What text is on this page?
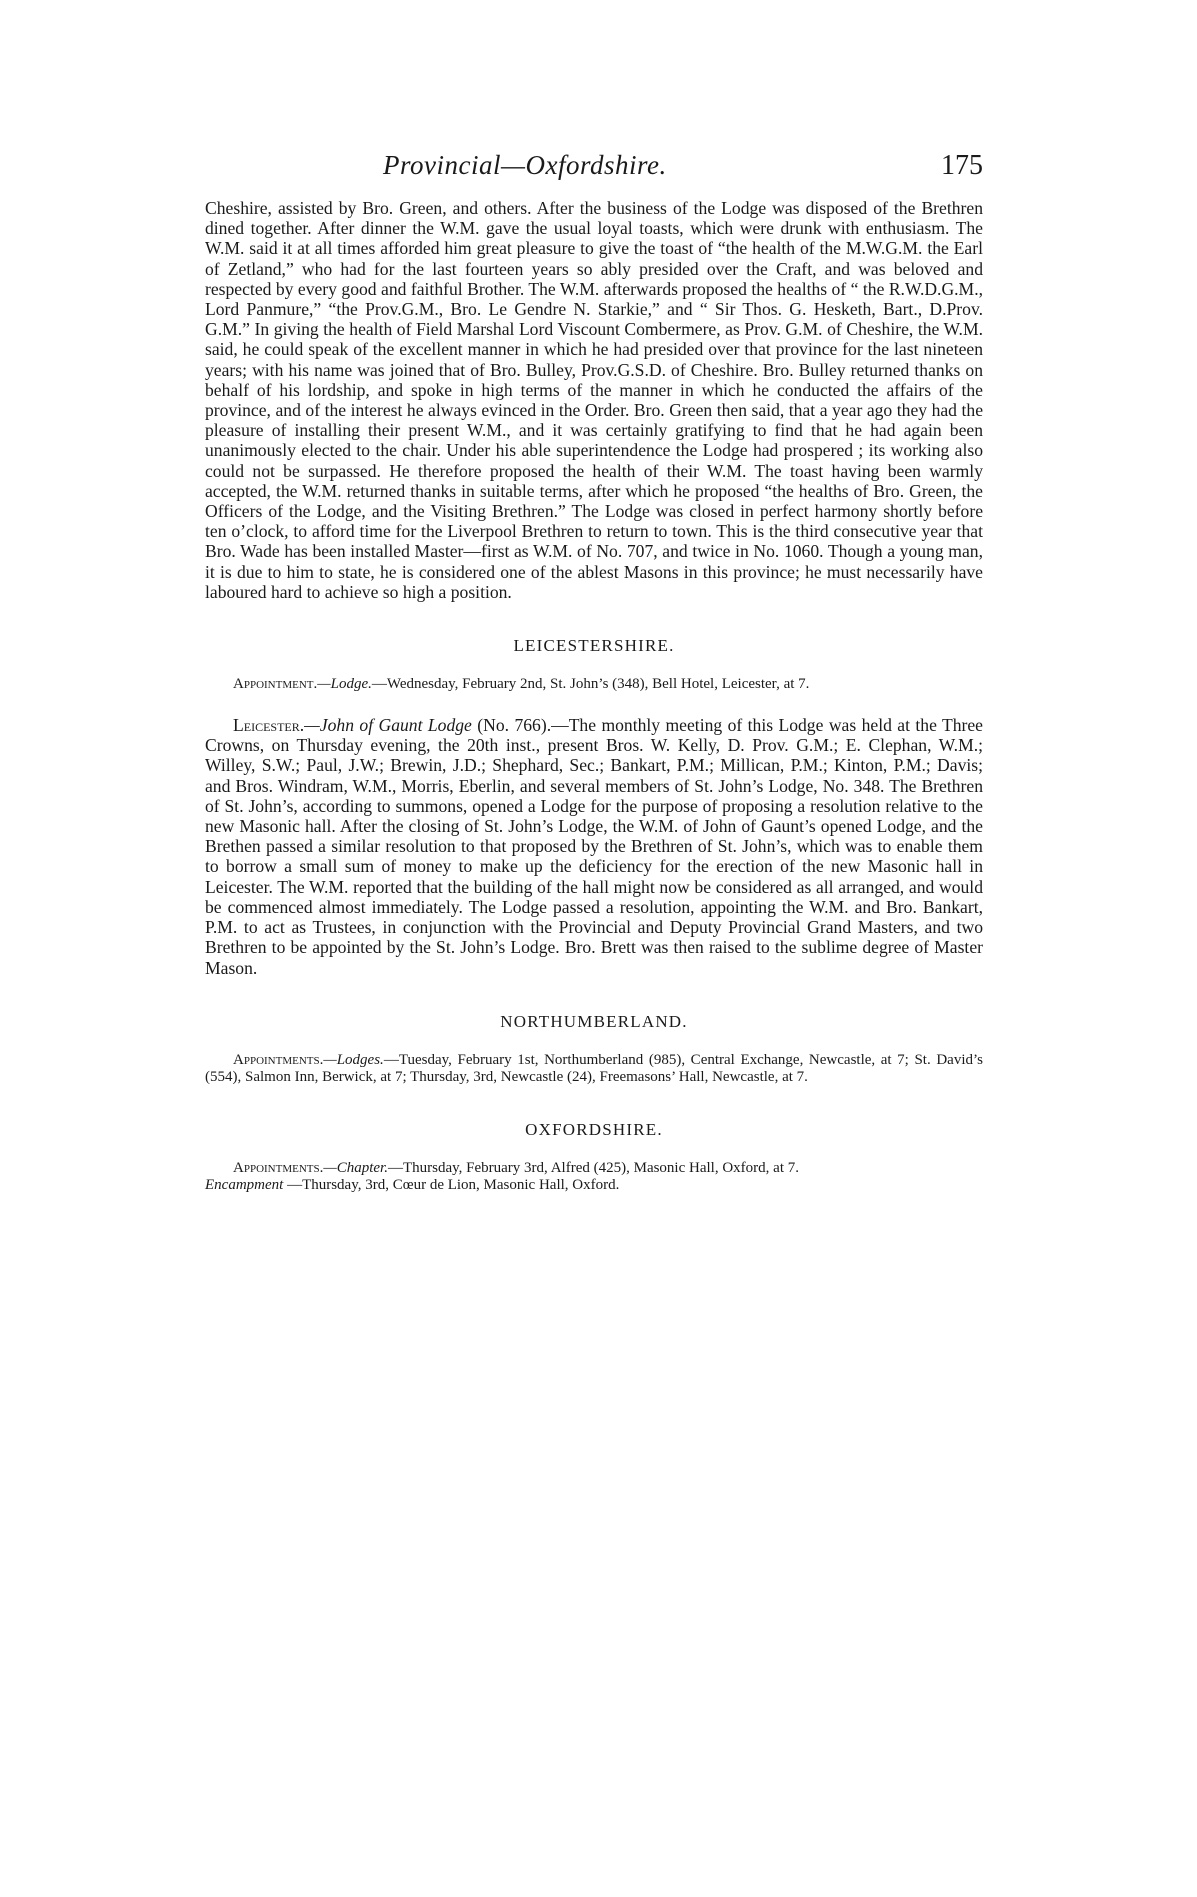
Provincial—Oxfordshire.	175

Cheshire, assisted by Bro. Green, and others. After the business of the Lodge was disposed of the Brethren dined together. After dinner the W.M. gave the usual loyal toasts, which were drunk with enthusiasm. The W.M. said it at all times afforded him great pleasure to give the toast of “the health of the M.W.G.M. the Earl of Zetland,” who had for the last fourteen years so ably presided over the Craft, and was beloved and respected by every good and faithful Brother. The W.M. afterwards proposed the healths of “ the R.W.D.G.M., Lord Panmure,” “the Prov.G.M., Bro. Le Gendre N. Starkie,” and “ Sir Thos. G. Hesketh, Bart., D.Prov. G.M.” In giving the health of Field Marshal Lord Viscount Combermere, as Prov. G.M. of Cheshire, the W.M. said, he could speak of the excellent manner in which he had presided over that province for the last nineteen years; with his name was joined that of Bro. Bulley, Prov.G.S.D. of Cheshire. Bro. Bulley returned thanks on behalf of his lordship, and spoke in high terms of the manner in which he conducted the affairs of the province, and of the interest he always evinced in the Order. Bro. Green then said, that a year ago they had the pleasure of installing their present W.M., and it was certainly gratifying to find that he had again been unanimously elected to the chair. Under his able superintendence the Lodge had prospered ; its working also could not be surpassed. He therefore proposed the health of their W.M. The toast having been warmly accepted, the W.M. returned thanks in suitable terms, after which he proposed “the healths of Bro. Green, the Officers of the Lodge, and the Visiting Brethren.” The Lodge was closed in perfect harmony shortly before ten o’clock, to afford time for the Liverpool Brethren to return to town. This is the third consecutive year that Bro. Wade has been installed Master—first as W.M. of No. 707, and twice in No. 1060. Though a young man, it is due to him to state, he is considered one of the ablest Masons in this province; he must necessarily have laboured hard to achieve so high a position.

LEICESTERSHIRE.

Appointment.—Lodge.—Wednesday, February 2nd, St. John’s (348), Bell Hotel, Leicester, at 7.

Leicester.—John of Gaunt Lodge (No. 766).—The monthly meeting of this Lodge was held at the Three Crowns, on Thursday evening, the 20th inst., present Bros. W. Kelly, D. Prov. G.M.; E. Clephan, W.M.; Willey, S.W.; Paul, J.W.; Brewin, J.D.; Shephard, Sec.; Bankart, P.M.; Millican, P.M.; Kinton, P.M.; Davis; and Bros. Windram, W.M., Morris, Eberlin, and several members of St. John’s Lodge, No. 348. The Brethren of St. John’s, according to summons, opened a Lodge for the purpose of proposing a resolution relative to the new Masonic hall. After the closing of St. John’s Lodge, the W.M. of John of Gaunt’s opened Lodge, and the Brethen passed a similar resolution to that proposed by the Brethren of St. John’s, which was to enable them to borrow a small sum of money to make up the deficiency for the erection of the new Masonic hall in Leicester. The W.M. reported that the building of the hall might now be considered as all arranged, and would be commenced almost immediately. The Lodge passed a resolution, appointing the W.M. and Bro. Bankart, P.M. to act as Trustees, in conjunction with the Provincial and Deputy Provincial Grand Masters, and two Brethren to be appointed by the St. John’s Lodge. Bro. Brett was then raised to the sublime degree of Master Mason.

NORTHUMBERLAND.

Appointments.—Lodges.—Tuesday, February 1st, Northumberland (985), Central Exchange, Newcastle, at 7; St. David’s (554), Salmon Inn, Berwick, at 7; Thursday, 3rd, Newcastle (24), Freemasons’ Hall, Newcastle, at 7.

OXFORDSHIRE.

Appointments.—Chapter.—Thursday, February 3rd, Alfred (425), Masonic Hall, Oxford, at 7.
Encampment —Thursday, 3rd, Cœur de Lion, Masonic Hall, Oxford.
